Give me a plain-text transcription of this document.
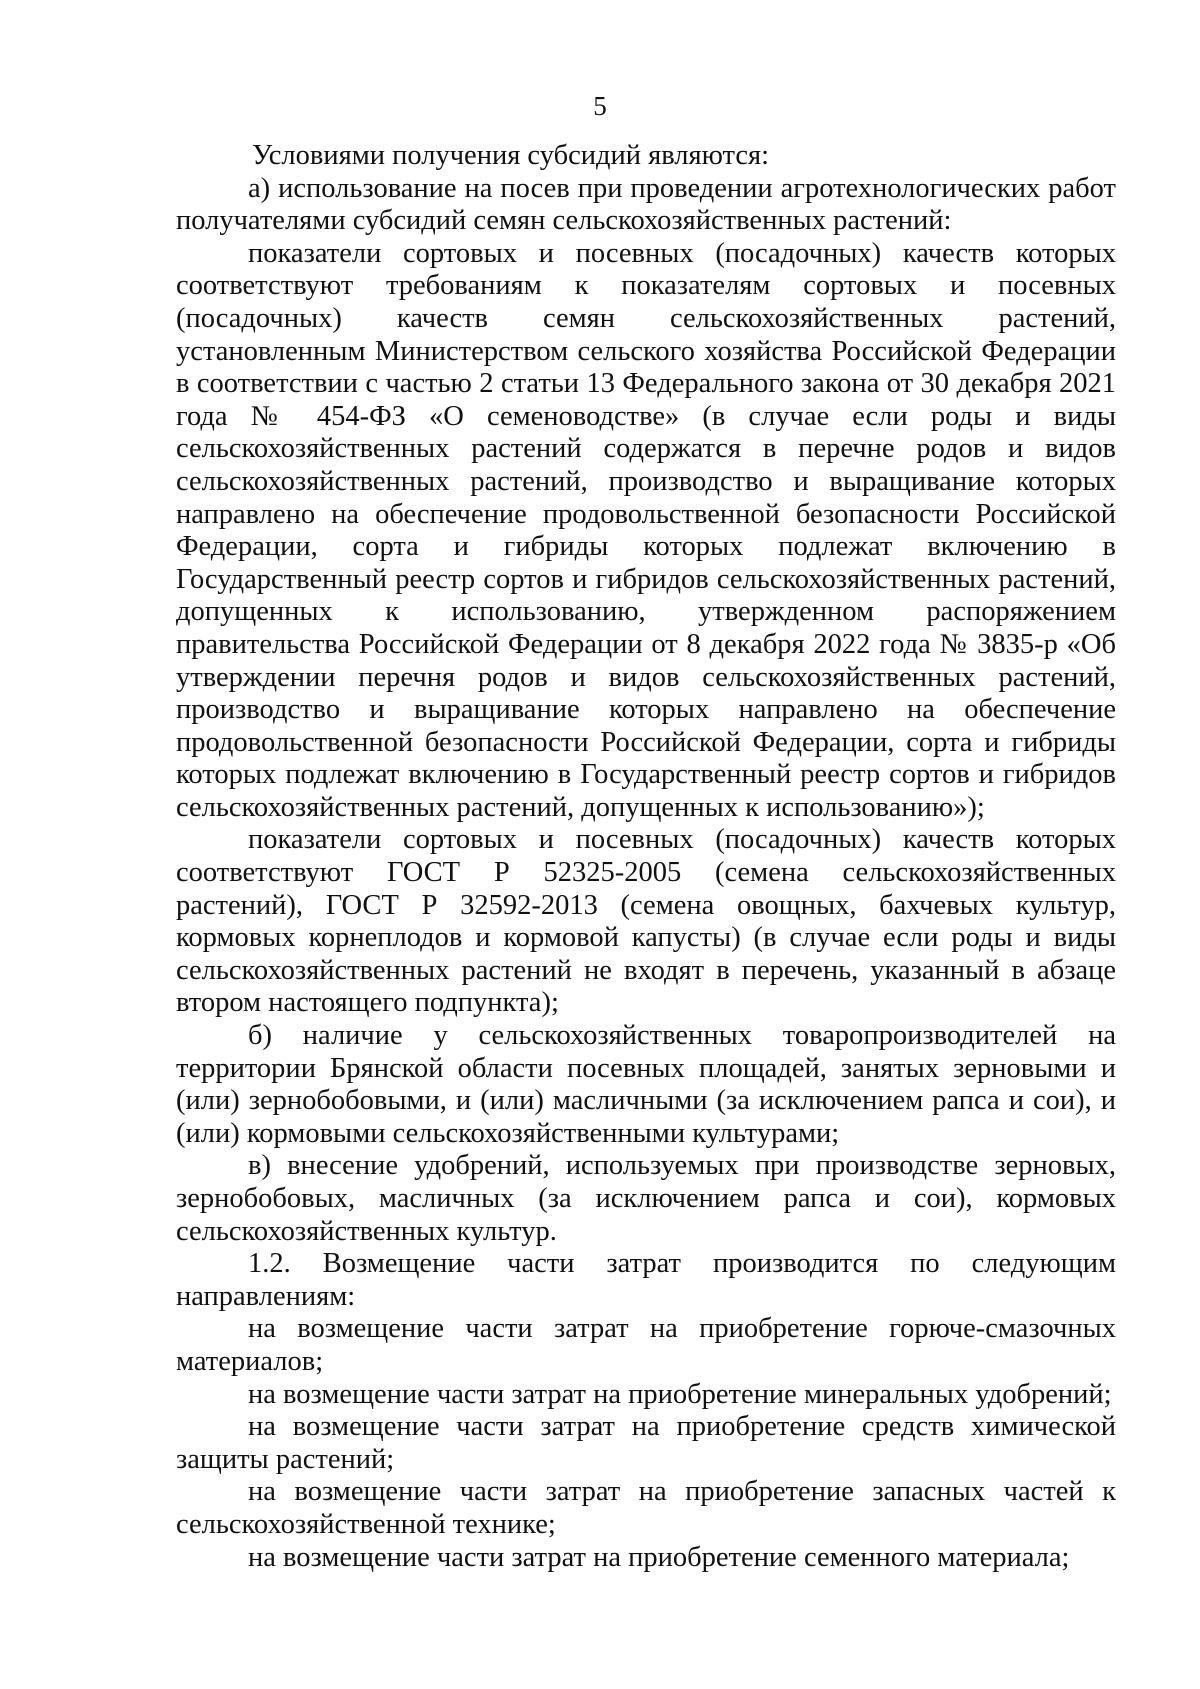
5

Условиями получения субсидий являются:

а) использование на посев при проведении агротехнологических работ получателями субсидий семян сельскохозяйственных растений:

показатели сортовых и посевных (посадочных) качеств которых соответствуют требованиям к показателям сортовых и посевных (посадочных) качеств семян сельскохозяйственных растений, установленным Министерством сельского хозяйства Российской Федерации в соответствии с частью 2 статьи 13 Федерального закона от 30 декабря 2021 года № 454-ФЗ «О семеноводстве» (в случае если роды и виды сельскохозяйственных растений содержатся в перечне родов и видов сельскохозяйственных растений, производство и выращивание которых направлено на обеспечение продовольственной безопасности Российской Федерации, сорта и гибриды которых подлежат включению в Государственный реестр сортов и гибридов сельскохозяйственных растений, допущенных к использованию, утвержденном распоряжением правительства Российской Федерации от 8 декабря 2022 года № 3835-р «Об утверждении перечня родов и видов сельскохозяйственных растений, производство и выращивание которых направлено на обеспечение продовольственной безопасности Российской Федерации, сорта и гибриды которых подлежат включению в Государственный реестр сортов и гибридов сельскохозяйственных растений, допущенных к использованию»);

показатели сортовых и посевных (посадочных) качеств которых соответствуют ГОСТ Р 52325-2005 (семена сельскохозяйственных растений), ГОСТ Р 32592-2013 (семена овощных, бахчевых культур, кормовых корнеплодов и кормовой капусты) (в случае если роды и виды сельскохозяйственных растений не входят в перечень, указанный в абзаце втором настоящего подпункта);

б) наличие у сельскохозяйственных товаропроизводителей на территории Брянской области посевных площадей, занятых зерновыми и (или) зернобобовыми, и (или) масличными (за исключением рапса и сои), и (или) кормовыми сельскохозяйственными культурами;

в) внесение удобрений, используемых при производстве зерновых, зернобобовых, масличных (за исключением рапса и сои), кормовых сельскохозяйственных культур.

1.2. Возмещение части затрат производится по следующим направлениям:

на возмещение части затрат на приобретение горюче-смазочных материалов;

на возмещение части затрат на приобретение минеральных удобрений;

на возмещение части затрат на приобретение средств химической защиты растений;

на возмещение части затрат на приобретение запасных частей к сельскохозяйственной технике;

на возмещение части затрат на приобретение семенного материала;
